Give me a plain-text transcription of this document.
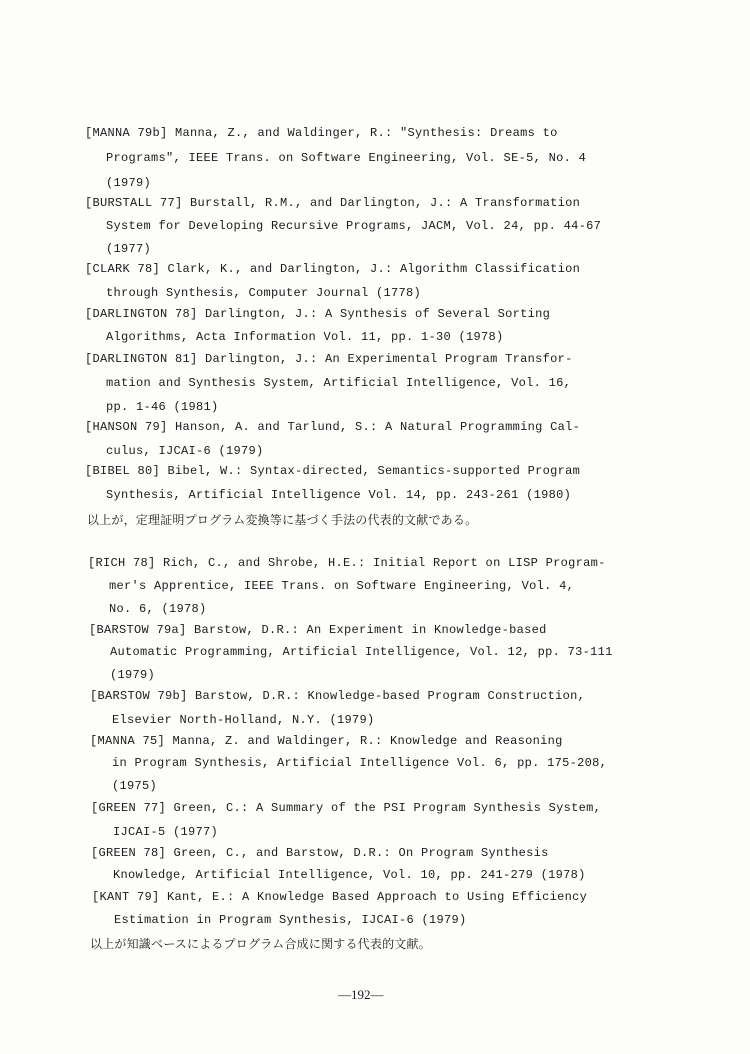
[MANNA 79b] Manna, Z., and Waldinger, R.: "Synthesis: Dreams to
Programs", IEEE Trans. on Software Engineering, Vol. SE-5, No. 4
(1979)
[BURSTALL 77] Burstall, R.M., and Darlington, J.: A Transformation
System for Developing Recursive Programs, JACM, Vol. 24, pp. 44-67
(1977)
[CLARK 78] Clark, K., and Darlington, J.: Algorithm Classification
through Synthesis, Computer Journal (1778)
[DARLINGTON 78] Darlington, J.: A Synthesis of Several Sorting
Algorithms, Acta Information Vol. 11, pp. 1-30 (1978)
[DARLINGTON 81] Darlington, J.: An Experimental Program Transfor-
mation and Synthesis System, Artificial Intelligence, Vol. 16,
pp. 1-46 (1981)
[HANSON 79] Hanson, A. and Tarlund, S.: A Natural Programming Cal-
culus, IJCAI-6 (1979)
[BIBEL 80] Bibel, W.: Syntax-directed, Semantics-supported Program
Synthesis, Artificial Intelligence Vol. 14, pp. 243-261 (1980)
以上が，定理証明プログラム変換等に基づく手法の代表的文献である。
[RICH 78] Rich, C., and Shrobe, H.E.: Initial Report on LISP Program-
mer's Apprentice, IEEE Trans. on Software Engineering, Vol. 4,
No. 6, (1978)
[BARSTOW 79a] Barstow, D.R.: An Experiment in Knowledge-based
Automatic Programming, Artificial Intelligence, Vol. 12, pp. 73-111
(1979)
[BARSTOW 79b] Barstow, D.R.: Knowledge-based Program Construction,
Elsevier North-Holland, N.Y. (1979)
[MANNA 75] Manna, Z. and Waldinger, R.: Knowledge and Reasoning
in Program Synthesis, Artificial Intelligence Vol. 6, pp. 175-208,
(1975)
[GREEN 77] Green, C.: A Summary of the PSI Program Synthesis System,
IJCAI-5 (1977)
[GREEN 78] Green, C., and Barstow, D.R.: On Program Synthesis
Knowledge, Artificial Intelligence, Vol. 10, pp. 241-279 (1978)
[KANT 79] Kant, E.: A Knowledge Based Approach to Using Efficiency
Estimation in Program Synthesis, IJCAI-6 (1979)
以上が知識ベースによるプログラム合成に関する代表的文献。
—192—
